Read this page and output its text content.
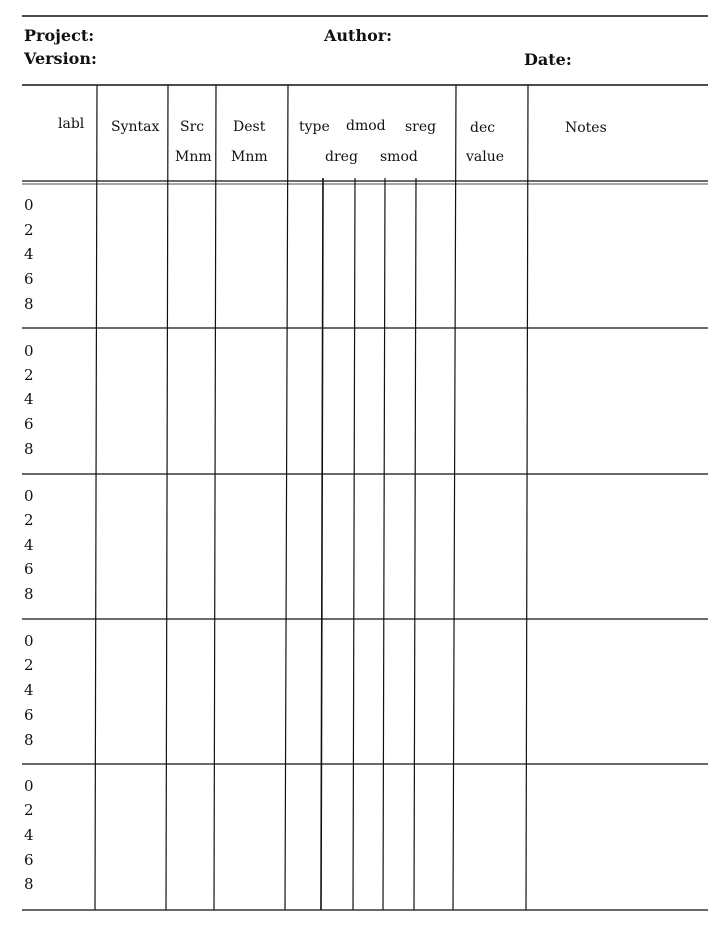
Project:	Author:
Version:	Date:
labl Syntax Src
Mnm
Dest
Mnm
type dmod sreg
dreg smod
dec
value
Notes
0
2
4
6
8
0
2
4
6
8
0
2
4
6
8
0
2
4
6
8
0
2
4
6
8
